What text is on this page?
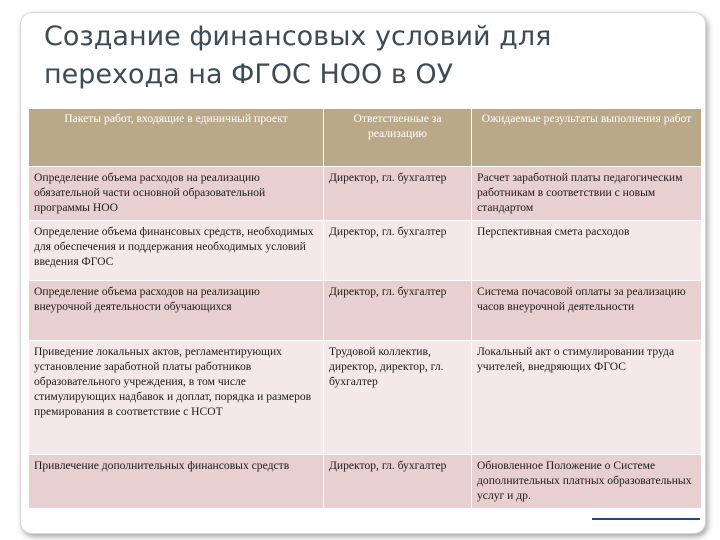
Создание финансовых условий для
перехода на ФГОС НОО в ОУ
Пакеты работ, входящие в единичный проект	Ответственные за реализацию	Ожидаемые результаты выполнения работ
Определение объема расходов на реализацию обязательной части основной образовательной программы НОО	Директор, гл. бухгалтер	Расчет заработной платы педагогическим работникам в соответствии с новым стандартом
Определение объема финансовых средств, необходимых для обеспечения и поддержания необходимых условий введения ФГОС	Директор, гл. бухгалтер	Перспективная смета расходов
Определение объема расходов на реализацию внеурочной деятельности обучающихся	Директор, гл. бухгалтер	Система почасовой оплаты за реализацию часов внеурочной деятельности
Приведение локальных актов, регламентирующих установление заработной платы работников образовательного учреждения, в том числе стимулирующих надбавок и доплат, порядка и размеров премирования в соответствие с НСОТ	Трудовой коллектив, директор, директор, гл. бухгалтер	Локальный акт о стимулировании труда учителей, внедряющих ФГОС
Привлечение дополнительных финансовых средств	Директор, гл. бухгалтер	Обновленное Положение о Системе дополнительных платных образовательных услуг и др.
